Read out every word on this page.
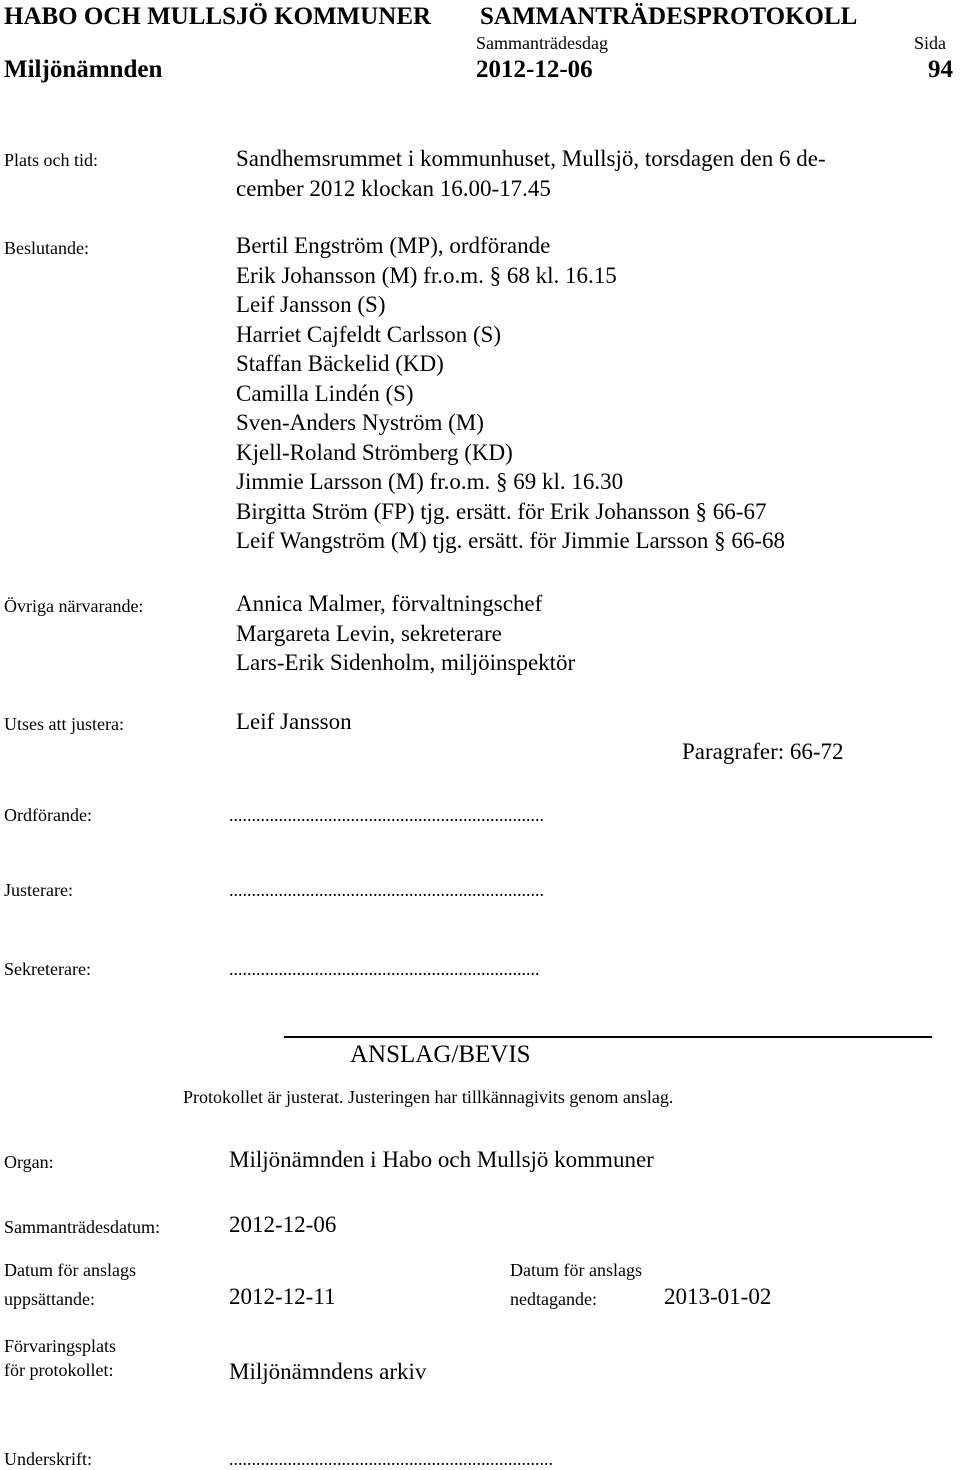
HABO OCH MULLSJÖ KOMMUNER SAMMANTRÄDESPROTOKOLL
Sammanträdesdag	Sida
Miljönämnden	2012-12-06	94
Plats och tid:	Sandhemsrummet i kommunhuset, Mullsjö, torsdagen den 6 de-
cember 2012 klockan 16.00-17.45
Beslutande:	Bertil Engström (MP), ordförande
Erik Johansson (M) fr.o.m. § 68 kl. 16.15
Leif Jansson (S)
Harriet Cajfeldt Carlsson (S)
Staffan Bäckelid (KD)
Camilla Lindén (S)
Sven-Anders Nyström (M)
Kjell-Roland Strömberg (KD)
Jimmie Larsson (M) fr.o.m. § 69 kl. 16.30
Birgitta Ström (FP) tjg. ersätt. för Erik Johansson § 66-67
Leif Wangström (M) tjg. ersätt. för Jimmie Larsson § 66-68
Övriga närvarande:	Annica Malmer, förvaltningschef
Margareta Levin, sekreterare
Lars-Erik Sidenholm, miljöinspektör
Utses att justera:	Leif Jansson
Paragrafer: 66-72
Ordförande:	......................................................................
Justerare:	......................................................................
Sekreterare:	.....................................................................
ANSLAG/BEVIS
Protokollet är justerat. Justeringen har tillkännagivits genom anslag.
Organ:	Miljönämnden i Habo och Mullsjö kommuner
Sammanträdesdatum:	2012-12-06
Datum för anslags
uppsättande:	2012-12-11
Datum för anslags
nedtagande:	2013-01-02
Förvaringsplats
för protokollet:	Miljönämndens arkiv
Underskrift:	........................................................................
